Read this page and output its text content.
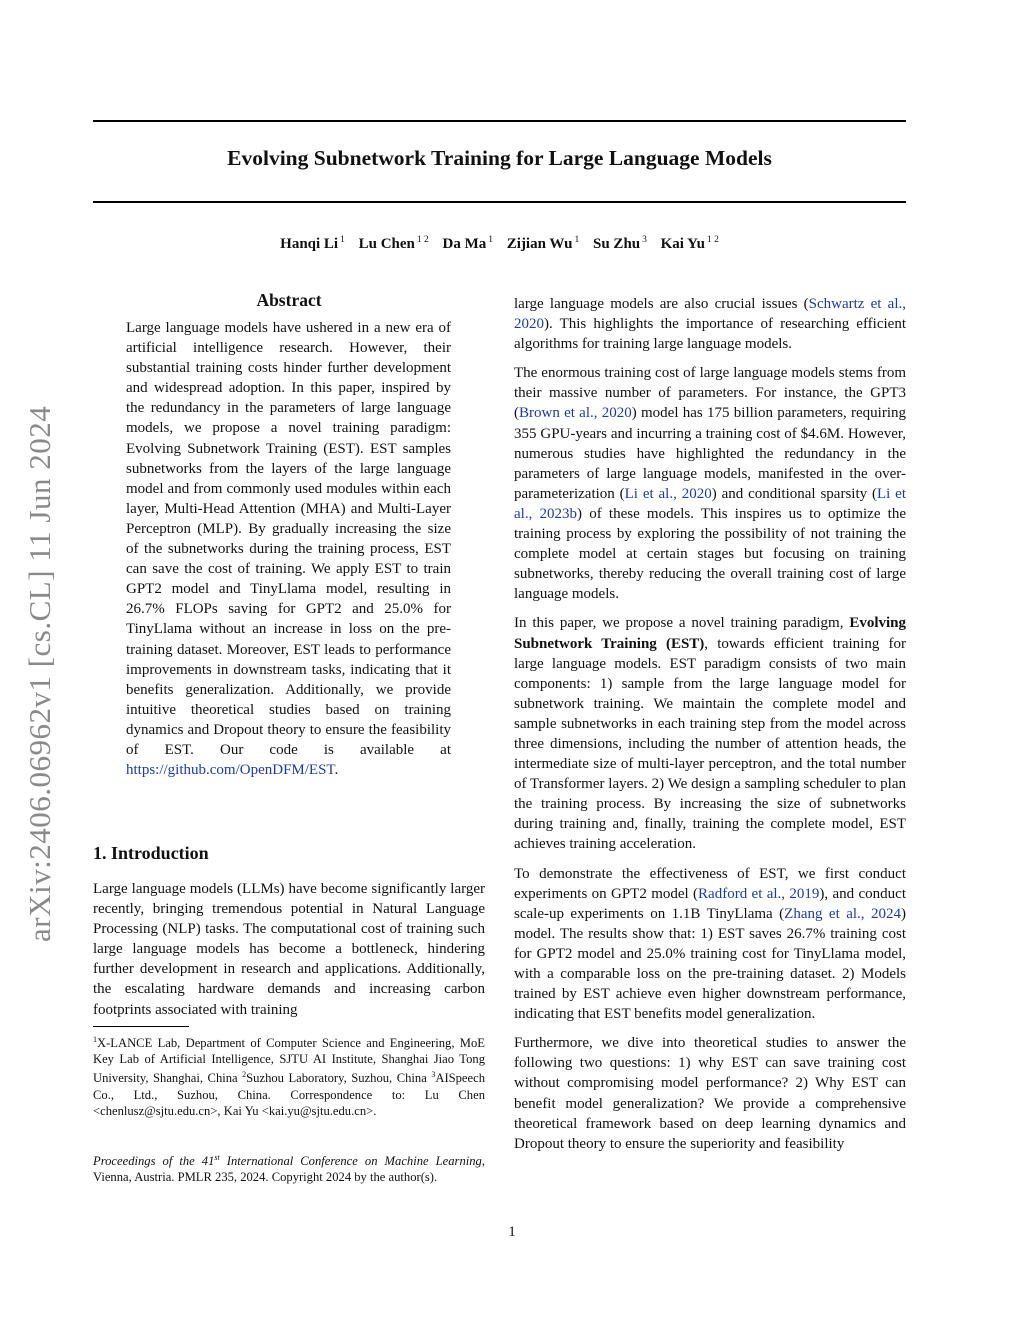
arXiv:2406.06962v1 [cs.CL] 11 Jun 2024
Evolving Subnetwork Training for Large Language Models
Hanqi Li $^1$ Lu Chen $^{1 2}$ Da Ma $^1$ Zijian Wu $^1$ Su Zhu $^3$ Kai Yu $^{1 2}$
Abstract

Large language models have ushered in a new era of artificial intelligence research. However, their substantial training costs hinder further development and widespread adoption. In this paper, inspired by the redundancy in the parameters of large language models, we propose a novel training paradigm: Evolving Subnetwork Training (EST). EST samples subnetworks from the layers of the large language model and from commonly used modules within each layer, Multi-Head Attention (MHA) and Multi-Layer Perceptron (MLP). By gradually increasing the size of the subnetworks during the training process, EST can save the cost of training. We apply EST to train GPT2 model and TinyLlama model, resulting in 26.7% FLOPs saving for GPT2 and 25.0% for TinyLlama without an increase in loss on the pre-training dataset. Moreover, EST leads to performance improvements in downstream tasks, indicating that it benefits generalization. Additionally, we provide intuitive theoretical studies based on training dynamics and Dropout theory to ensure the feasibility of EST. Our code is available at https://github.com/OpenDFM/EST.

1. Introduction

Large language models (LLMs) have become significantly larger recently, bringing tremendous potential in Natural Language Processing (NLP) tasks. The computational cost of training such large language models has become a bottleneck, hindering further development in research and applications. Additionally, the escalating hardware demands and increasing carbon footprints associated with training

$^1$X-LANCE Lab, Department of Computer Science and Engineering, MoE Key Lab of Artificial Intelligence, SJTU AI Institute, Shanghai Jiao Tong University, Shanghai, China $^2$Suzhou Laboratory, Suzhou, China $^3$AISpeech Co., Ltd., Suzhou, China. Correspondence to: Lu Chen <chenlusz@sjtu.edu.cn>, Kai Yu <kai.yu@sjtu.edu.cn>.

Proceedings of the 41st International Conference on Machine Learning, Vienna, Austria. PMLR 235, 2024. Copyright 2024 by the author(s).

large language models are also crucial issues (Schwartz et al., 2020). This highlights the importance of researching efficient algorithms for training large language models.

The enormous training cost of large language models stems from their massive number of parameters. For instance, the GPT3 (Brown et al., 2020) model has 175 billion parameters, requiring 355 GPU-years and incurring a training cost of $4.6M. However, numerous studies have highlighted the redundancy in the parameters of large language models, manifested in the over-parameterization (Li et al., 2020) and conditional sparsity (Li et al., 2023b) of these models. This inspires us to optimize the training process by exploring the possibility of not training the complete model at certain stages but focusing on training subnetworks, thereby reducing the overall training cost of large language models.

In this paper, we propose a novel training paradigm, Evolving Subnetwork Training (EST), towards efficient training for large language models. EST paradigm consists of two main components: 1) sample from the large language model for subnetwork training. We maintain the complete model and sample subnetworks in each training step from the model across three dimensions, including the number of attention heads, the intermediate size of multi-layer perceptron, and the total number of Transformer layers. 2) We design a sampling scheduler to plan the training process. By increasing the size of subnetworks during training and, finally, training the complete model, EST achieves training acceleration.

To demonstrate the effectiveness of EST, we first conduct experiments on GPT2 model (Radford et al., 2019), and conduct scale-up experiments on 1.1B TinyLlama (Zhang et al., 2024) model. The results show that: 1) EST saves 26.7% training cost for GPT2 model and 25.0% training cost for TinyLlama model, with a comparable loss on the pre-training dataset. 2) Models trained by EST achieve even higher downstream performance, indicating that EST benefits model generalization.

Furthermore, we dive into theoretical studies to answer the following two questions: 1) why EST can save training cost without compromising model performance? 2) Why EST can benefit model generalization? We provide a comprehensive theoretical framework based on deep learning dynamics and Dropout theory to ensure the superiority and feasibility

1
